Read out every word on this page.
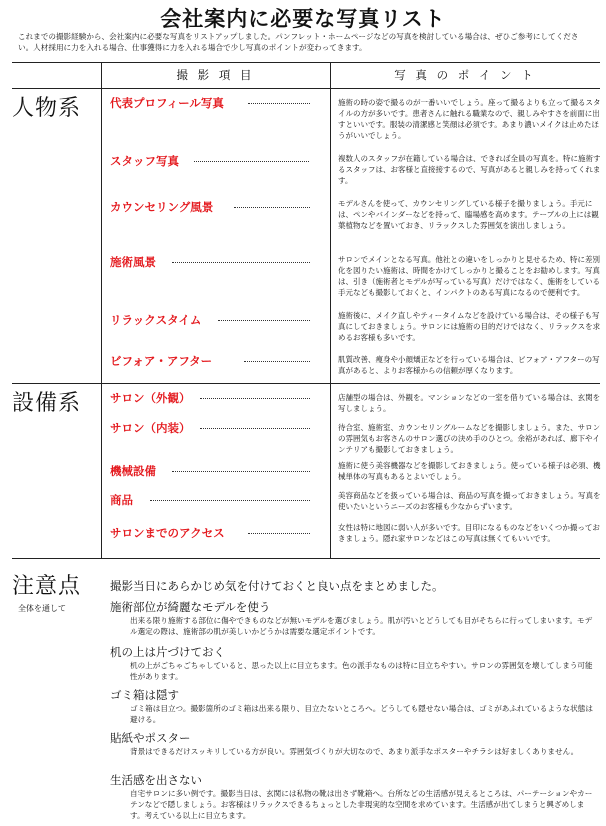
会社案内に必要な写真リスト
これまでの撮影経験から、会社案内に必要な写真をリストアップしました。パンフレット・ホームページなどの写真を検討している場合は、ぜひご参考にしてください。人材採用に力を入れる場合、仕事獲得に力を入れる場合で少し写真のポイントが変わってきます。
撮 影 項 目	写 真 の ポ イ ン ト
人物系	代表プロフィール写真	施術の時の姿で撮るのが一番いいでしょう。座って撮るよりも立って撮るスタイルの方が多いです。患者さんに触れる職業なので、親しみやすさを前面に出すといいです。服装の清潔感と笑顔は必須です。あまり濃いメイクは止めたほうがいいでしょう。
スタッフ写真	複数人のスタッフが在籍している場合は、できれば全員の写真を。特に施術するスタッフは、お客様と直接接するので、写真があると親しみを持ってくれます。
カウンセリング風景	モデルさんを使って、カウンセリングしている様子を撮りましょう。手元には、ペンやバインダーなどを持って、臨場感を高めます。テーブルの上には観葉植物などを置いておき、リラックスした雰囲気を演出しましょう。
施術風景	サロンでメインとなる写真。他社との違いをしっかりと見せるため、特に差別化を図りたい施術は、時間をかけてしっかりと撮ることをお勧めします。写真は、引き（施術者とモデルが写っている写真）だけではなく、施術をしている手元なども撮影しておくと、インパクトのある写真になるので便利です。
リラックスタイム	施術後に、メイク直しやティータイムなどを設けている場合は、その様子も写真にしておきましょう。サロンには施術の目的だけではなく、リラックスを求めるお客様も多いです。
ビフォア・アフター	肌質改善、痩身や小顔矯正などを行っている場合は、ビフォア・アフターの写真があると、よりお客様からの信頼が厚くなります。
設備系	サロン（外観）	店舗型の場合は、外観を。マンションなどの一室を借りている場合は、玄関を写しましょう。
サロン（内装）	待合室、施術室、カウンセリングルームなどを撮影しましょう。また、サロンの雰囲気もお客さんのサロン選びの決め手のひとつ。余裕があれば、廊下やインテリアも撮影しておきましょう。
機械設備	施術に使う美容機器などを撮影しておきましょう。使っている様子は必須、機械単体の写真もあるとよいでしょう。
商品	美容商品などを扱っている場合は、商品の写真を撮っておきましょう。写真を使いたいというニーズのお客様も少なからずいます。
サロンまでのアクセス	女性は特に地図に弱い人が多いです。目印になるものなどをいくつか撮っておきましょう。隠れ家サロンなどはこの写真は無くてもいいです。
注意点
全体を通して
撮影当日にあらかじめ気を付けておくと良い点をまとめました。
施術部位が綺麗なモデルを使う
出来る限り施術する部位に傷やできものなどが無いモデルを選びましょう。肌が汚いとどうしても目がそちらに行ってしまいます。モデル選定の際は、施術部の肌が美しいかどうかは需要な選定ポイントです。
机の上は片づけておく
机の上がごちゃごちゃしていると、思った以上に目立ちます。色の派手なものは特に目立ちやすい。サロンの雰囲気を壊してしまう可能性があります。
ゴミ箱は隠す
ゴミ箱は目立つ。撮影箇所のゴミ箱は出来る限り、目立たないところへ。どうしても隠せない場合は、ゴミがあふれているような状態は避ける。
貼紙やポスター
背景はできるだけスッキリしている方が良い。雰囲気づくりが大切なので、あまり派手なポスターやチラシは好ましくありません。
生活感を出さない
自宅サロンに多い例です。撮影当日は、玄関には私物の靴は出さず靴箱へ。台所などの生活感が見えるところは、パーテーションやカーテンなどで隠しましょう。お客様はリラックスできるちょっとした非現実的な空間を求めています。生活感が出てしまうと興ざめします。考えている以上に目立ちます。
